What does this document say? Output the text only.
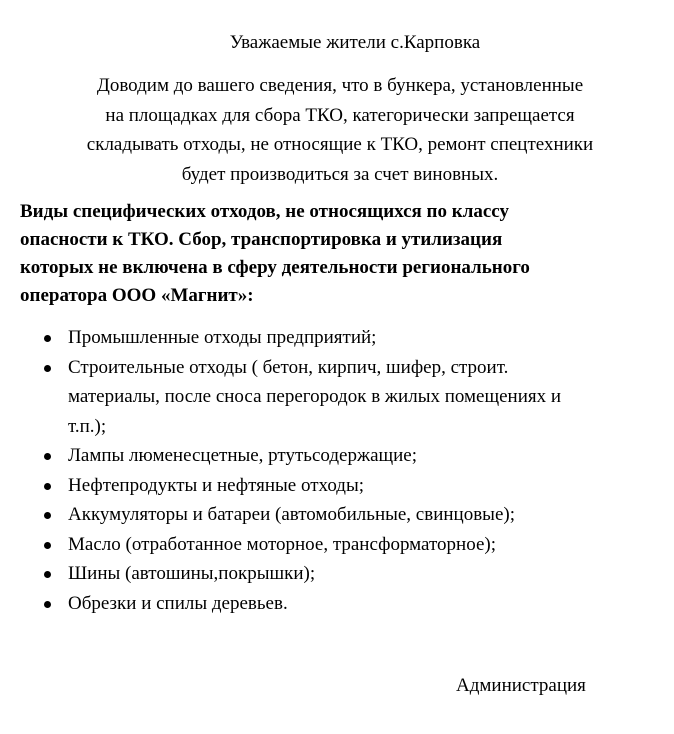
Уважаемые жители с.Карповка
Доводим до вашего сведения, что в бункера, установленные
на площадках для сбора ТКО, категорически запрещается
складывать отходы, не относящие к ТКО, ремонт спецтехники
будет производиться за счет виновных.
Виды специфических отходов, не относящихся по классу
опасности к ТКО. Сбор, транспортировка и утилизация
которых не включена в сферу деятельности регионального
оператора ООО «Магнит»:
Промышленные отходы предприятий;
Строительные отходы ( бетон, кирпич, шифер, строит.
материалы, после сноса перегородок в жилых помещениях и
т.п.);
Лампы люменесцетные, ртутьсодержащие;
Нефтепродукты и нефтяные отходы;
Аккумуляторы и батареи (автомобильные, свинцовые);
Масло (отработанное моторное, трансформаторное);
Шины (автошины,покрышки);
Обрезки и спилы деревьев.
Администрация
